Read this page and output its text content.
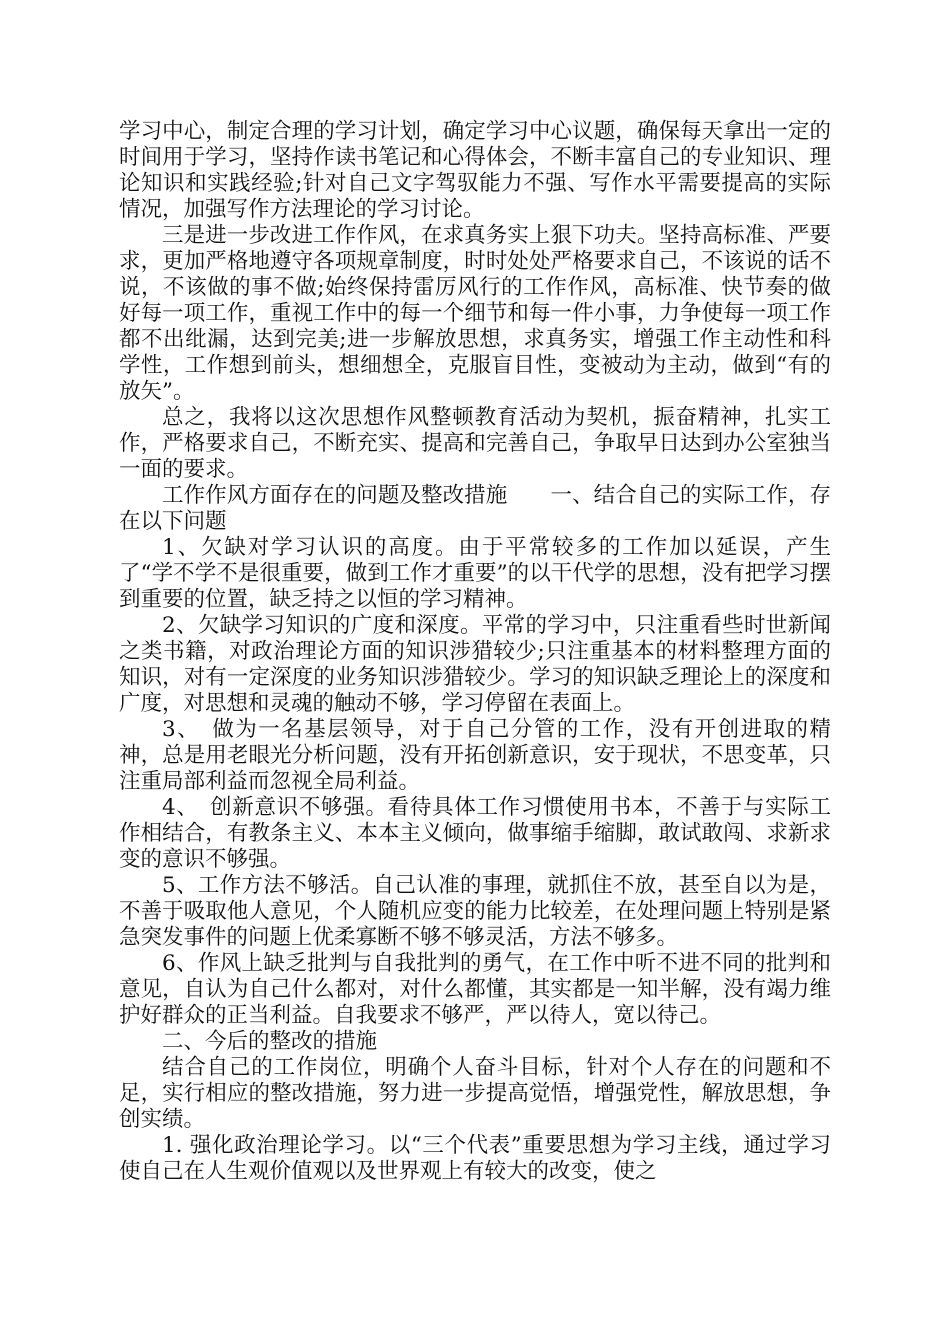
学习中心，制定合理的学习计划，确定学习中心议题，确保每天拿出一定的时间用于学习，坚持作读书笔记和心得体会，不断丰富自己的专业知识、理论知识和实践经验;针对自己文字驾驭能力不强、写作水平需要提高的实际情况，加强写作方法理论的学习讨论。

三是进一步改进工作作风，在求真务实上狠下功夫。坚持高标准、严要求，更加严格地遵守各项规章制度，时时处处严格要求自己，不该说的话不说，不该做的事不做;始终保持雷厉风行的工作作风，高标准、快节奏的做好每一项工作，重视工作中的每一个细节和每一件小事，力争使每一项工作都不出纰漏，达到完美;进一步解放思想，求真务实，增强工作主动性和科学性，工作想到前头，想细想全，克服盲目性，变被动为主动，做到“有的放矢”。

总之，我将以这次思想作风整顿教育活动为契机，振奋精神，扎实工作，严格要求自己，不断充实、提高和完善自己，争取早日达到办公室独当一面的要求。

工作作风方面存在的问题及整改措施　　一、结合自己的实际工作，存在以下问题

1、欠缺对学习认识的高度。由于平常较多的工作加以延误，产生了“学不学不是很重要，做到工作才重要”的以干代学的思想，没有把学习摆到重要的位置，缺乏持之以恒的学习精神。

2、欠缺学习知识的广度和深度。平常的学习中，只注重看些时世新闻之类书籍，对政治理论方面的知识涉猎较少;只注重基本的材料整理方面的知识，对有一定深度的业务知识涉猎较少。学习的知识缺乏理论上的深度和广度，对思想和灵魂的触动不够，学习停留在表面上。

3、　做为一名基层领导，对于自己分管的工作，没有开创进取的精神，总是用老眼光分析问题，没有开拓创新意识，安于现状，不思变革，只注重局部利益而忽视全局利益。

4、　创新意识不够强。看待具体工作习惯使用书本，不善于与实际工作相结合，有教条主义、本本主义倾向，做事缩手缩脚，敢试敢闯、求新求变的意识不够强。

5、工作方法不够活。自己认准的事理，就抓住不放，甚至自以为是，不善于吸取他人意见，个人随机应变的能力比较差，在处理问题上特别是紧急突发事件的问题上优柔寡断不够不够灵活，方法不够多。

6、作风上缺乏批判与自我批判的勇气，在工作中听不进不同的批判和意见，自认为自己什么都对，对什么都懂，其实都是一知半解，没有竭力维护好群众的正当利益。自我要求不够严，严以待人，宽以待己。

二、今后的整改的措施

结合自己的工作岗位，明确个人奋斗目标，针对个人存在的问题和不足，实行相应的整改措施，努力进一步提高觉悟，增强党性，解放思想，争创实绩。

1. 强化政治理论学习。以“三个代表”重要思想为学习主线，通过学习使自己在人生观价值观以及世界观上有较大的改变，使之
